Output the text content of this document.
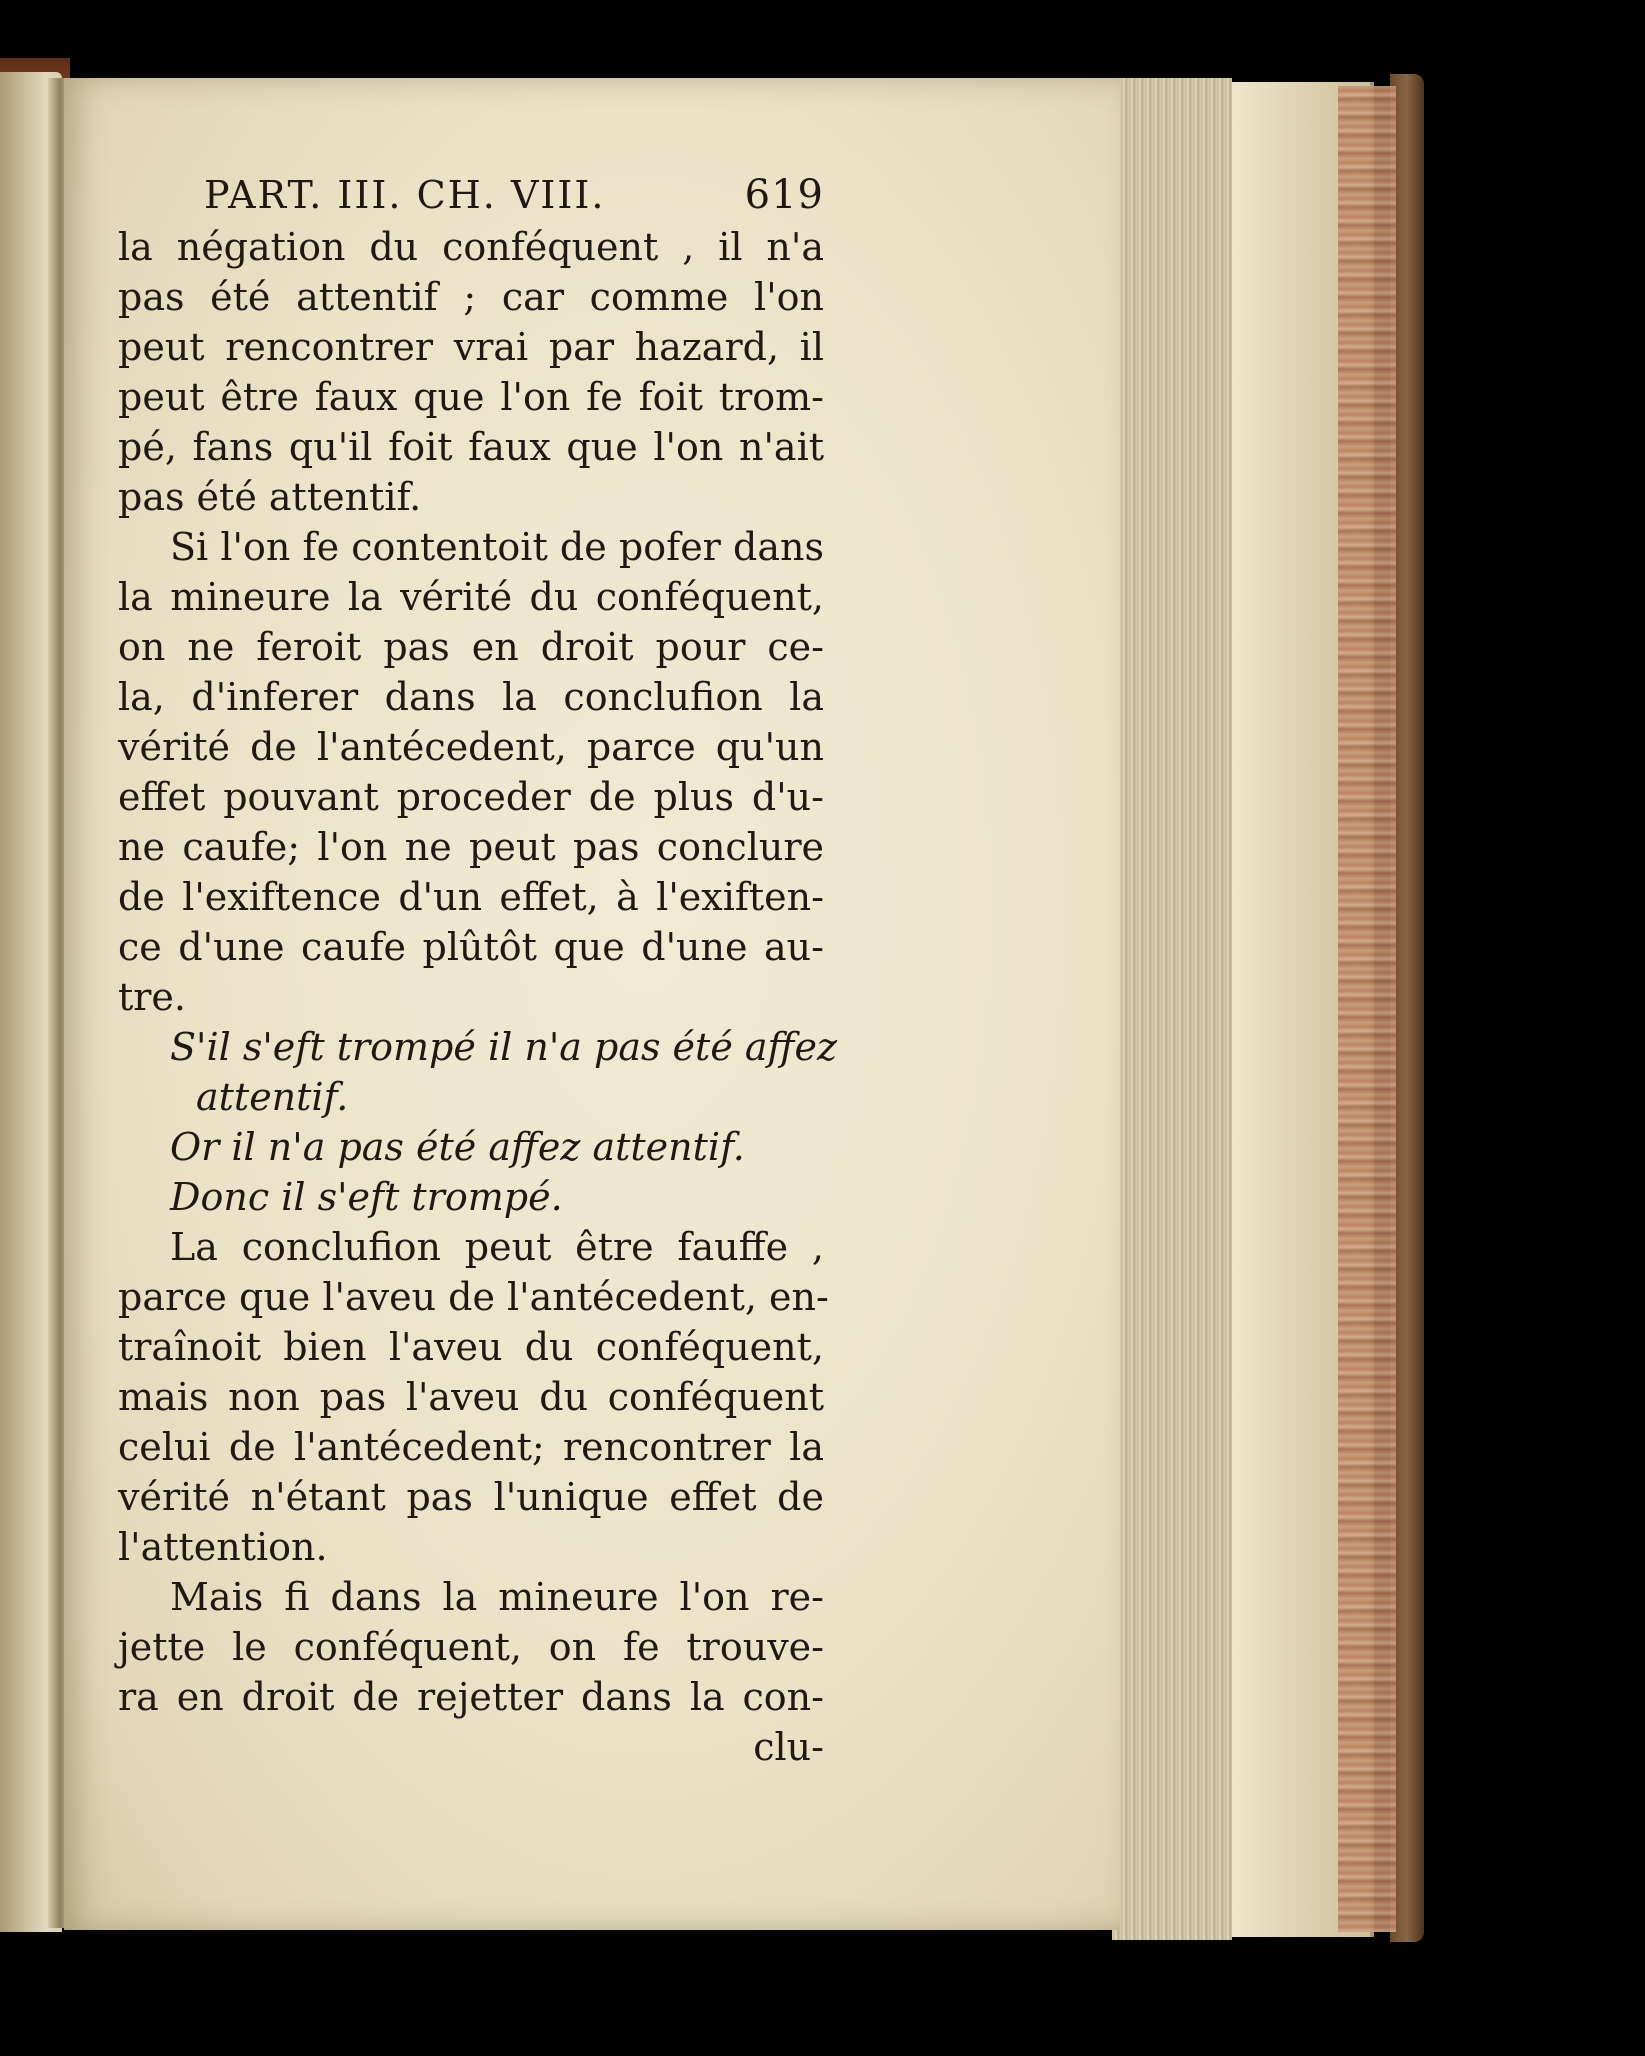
PART. III. CH. VIII.	619
la négation du conféquent , il n'a
pas été attentif ; car comme l'on
peut rencontrer vrai par hazard, il
peut être faux que l'on fe foit trom-
pé, fans qu'il foit faux que l'on n'ait
pas été attentif.
Si l'on fe contentoit de pofer dans
la mineure la vérité du conféquent,
on ne feroit pas en droit pour ce-
la, d'inferer dans la conclufion la
vérité de l'antécedent, parce qu'un
effet pouvant proceder de plus d'u-
ne caufe; l'on ne peut pas conclure
de l'exiftence d'un effet, à l'exiften-
ce d'une caufe plûtôt que d'une au-
tre.
S'il s'eft trompé il n'a pas été affez
attentif.
Or il n'a pas été affez attentif.
Donc il s'eft trompé.
La conclufion peut être fauffe ,
parce que l'aveu de l'antécedent, en-
traînoit bien l'aveu du conféquent,
mais non pas l'aveu du conféquent
celui de l'antécedent; rencontrer la
vérité n'étant pas l'unique effet de
l'attention.
Mais fi dans la mineure l'on re-
jette le conféquent, on fe trouve-
ra en droit de rejetter dans la con-
clu-
